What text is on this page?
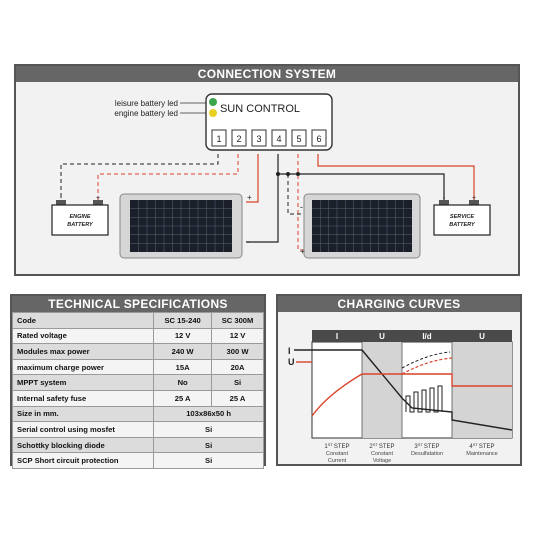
CONNECTION SYSTEM
leisure battery led
engine battery led	SUN CONTROL
1 2 3 4 5 6
+
-
-
+
-	+
ENGINE
BATTERY
-	+
SERVICE
BATTERY
TECHNICAL SPECIFICATIONS
Code	SC 15-240	SC 300M
Rated voltage	12 V	12 V
Modules max power	240 W	300 W
maximum charge power	15A	20A
MPPT system	No	Si
Internal safety fuse	25 A	25 A
Size in mm.	103x86x50 h	
Serial control using mosfet	Si	
Schottky blocking diode	Si	
SCP Short circuit protection	Si	
CHARGING CURVES
I	U	I/d	U
I
U
1STSTEP
Constant
Current
2STSTEP
Constant
Voltage
3STSTEP
Desulfatation
4STSTEP
Maintenance
